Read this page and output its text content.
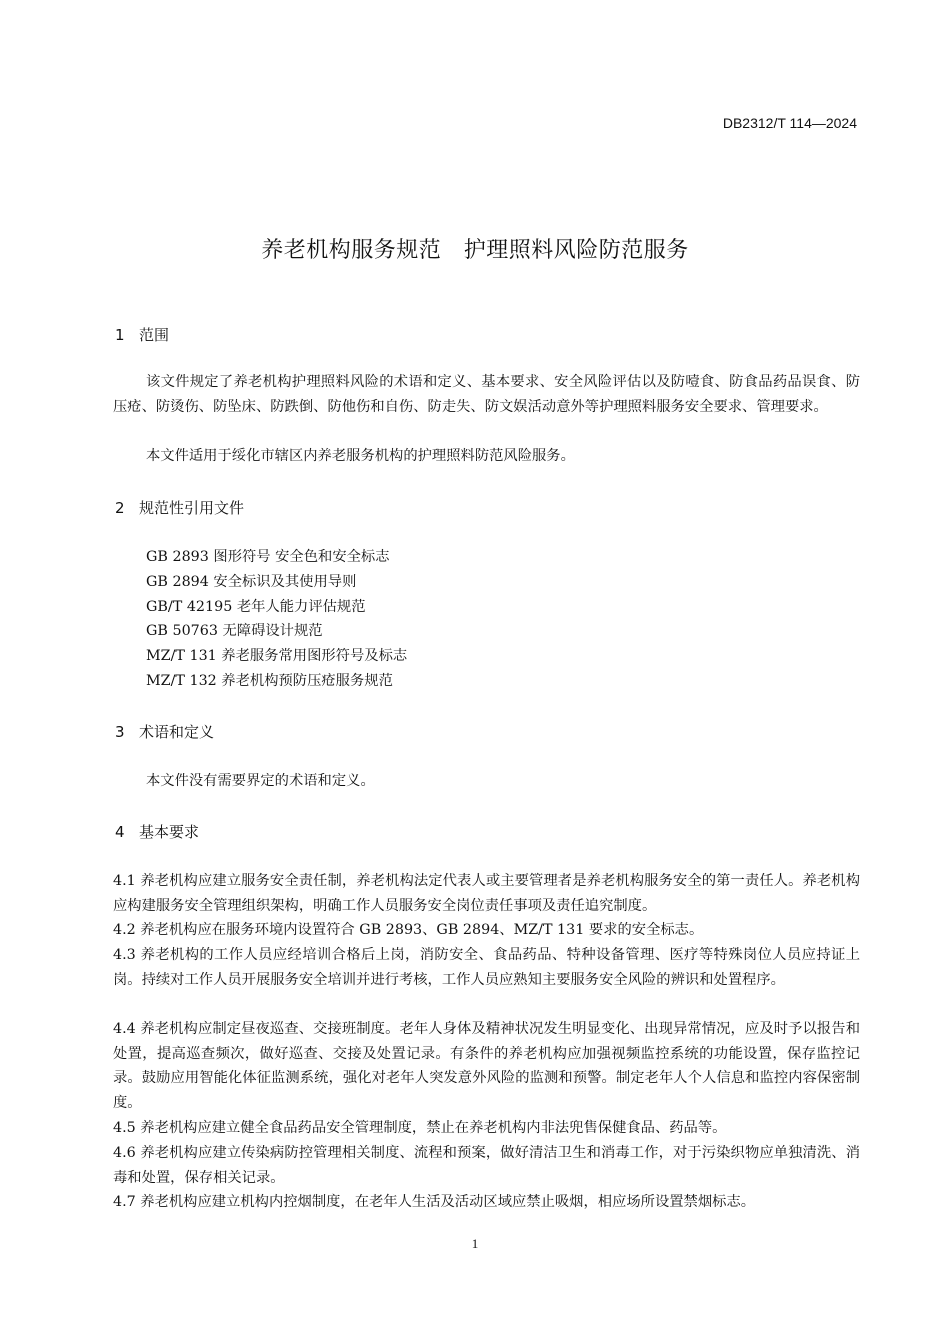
DB2312/T 114—2024
养老机构服务规范　护理照料风险防范服务
1 范围
该文件规定了养老机构护理照料风险的术语和定义、基本要求、安全风险评估以及防噎食、防食品药品误食、防压疮、防烫伤、防坠床、防跌倒、防他伤和自伤、防走失、防文娱活动意外等护理照料服务安全要求、管理要求。
本文件适用于绥化市辖区内养老服务机构的护理照料防范风险服务。
2 规范性引用文件
GB 2893 图形符号 安全色和安全标志
GB 2894 安全标识及其使用导则
GB/T 42195 老年人能力评估规范
GB 50763 无障碍设计规范
MZ/T 131 养老服务常用图形符号及标志
MZ/T 132 养老机构预防压疮服务规范
3 术语和定义
本文件没有需要界定的术语和定义。
4 基本要求
4.1 养老机构应建立服务安全责任制，养老机构法定代表人或主要管理者是养老机构服务安全的第一责任人。养老机构应构建服务安全管理组织架构，明确工作人员服务安全岗位责任事项及责任追究制度。
4.2 养老机构应在服务环境内设置符合 GB 2893、GB 2894、MZ/T 131 要求的安全标志。
4.3 养老机构的工作人员应经培训合格后上岗，消防安全、食品药品、特种设备管理、医疗等特殊岗位人员应持证上岗。持续对工作人员开展服务安全培训并进行考核，工作人员应熟知主要服务安全风险的辨识和处置程序。
4.4 养老机构应制定昼夜巡查、交接班制度。老年人身体及精神状况发生明显变化、出现异常情况，应及时予以报告和处置，提高巡查频次，做好巡查、交接及处置记录。有条件的养老机构应加强视频监控系统的功能设置，保存监控记录。鼓励应用智能化体征监测系统，强化对老年人突发意外风险的监测和预警。制定老年人个人信息和监控内容保密制度。
4.5 养老机构应建立健全食品药品安全管理制度，禁止在养老机构内非法兜售保健食品、药品等。
4.6 养老机构应建立传染病防控管理相关制度、流程和预案，做好清洁卫生和消毒工作，对于污染织物应单独清洗、消毒和处置，保存相关记录。
4.7 养老机构应建立机构内控烟制度，在老年人生活及活动区域应禁止吸烟，相应场所设置禁烟标志。
1
